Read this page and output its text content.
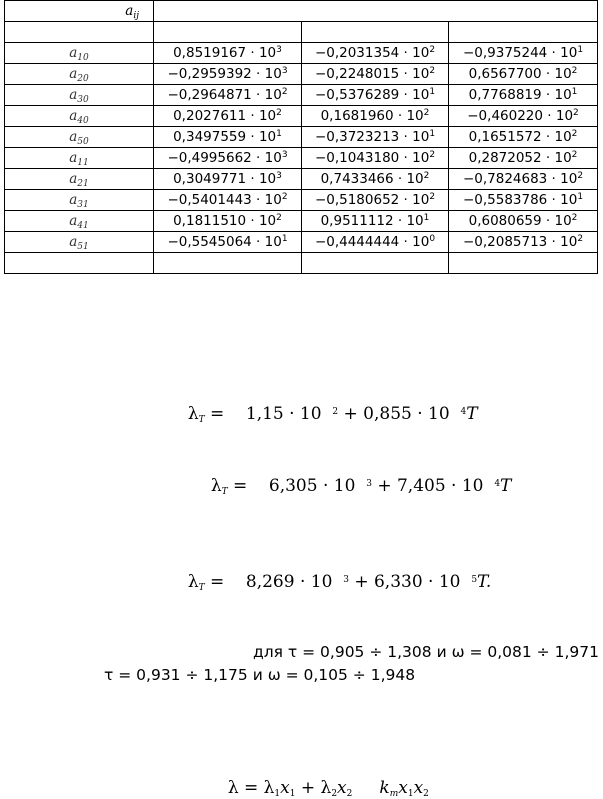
$a_{ij}$	

$a_{10}$	$0,8519167 \cdot 10^3$	$-0,2031354 \cdot 10^2$	$-0,9375244 \cdot 10^1$
$a_{20}$	$-0,2959392 \cdot 10^3$	$-0,2248015 \cdot 10^2$	$0,6567700 \cdot 10^2$
$a_{30}$	$-0,2964871 \cdot 10^2$	$-0,5376289 \cdot 10^1$	$0,7768819 \cdot 10^1$
$a_{40}$	$0,2027611 \cdot 10^2$	$0,1681960 \cdot 10^2$	$-0,460220 \cdot 10^2$
$a_{50}$	$0,3497559 \cdot 10^1$	$-0,3723213 \cdot 10^1$	$0,1651572 \cdot 10^2$
$a_{11}$	$-0,4995662 \cdot 10^3$	$-0,1043180 \cdot 10^2$	$0,2872052 \cdot 10^2$
$a_{21}$	$0,3049771 \cdot 10^3$	$0,7433466 \cdot 10^2$	$-0,7824683 \cdot 10^2$
$a_{31}$	$-0,5401443 \cdot 10^2$	$-0,5180652 \cdot 10^2$	$-0,5583786 \cdot 10^1$
$a_{41}$	$0,1811510 \cdot 10^2$	$0,9511112 \cdot 10^1$	$0,6080659 \cdot 10^2$
$a_{51}$	$-0,5545064 \cdot 10^1$	$-0,4444444 \cdot 10^0$	$-0,2085713 \cdot 10^2$

$\lambda_T$ =    1,15 · 10  $^2$ + 0,855 · 10  $^4$T

$\lambda_T$ =    6,305 · 10  $^3$ + 7,405 · 10  $^4$T

$\lambda_T$ =    8,269 · 10  $^3$ + 6,330 · 10  $^5$T.

для τ = 0,905 ÷ 1,308 и ω = 0,081 ÷ 1,971
τ = 0,931 ÷ 1,175 и ω = 0,105 ÷ 1,948

$\lambda = \lambda_1x_1 + \lambda_2x_2$     $k_mx_1x_2$
